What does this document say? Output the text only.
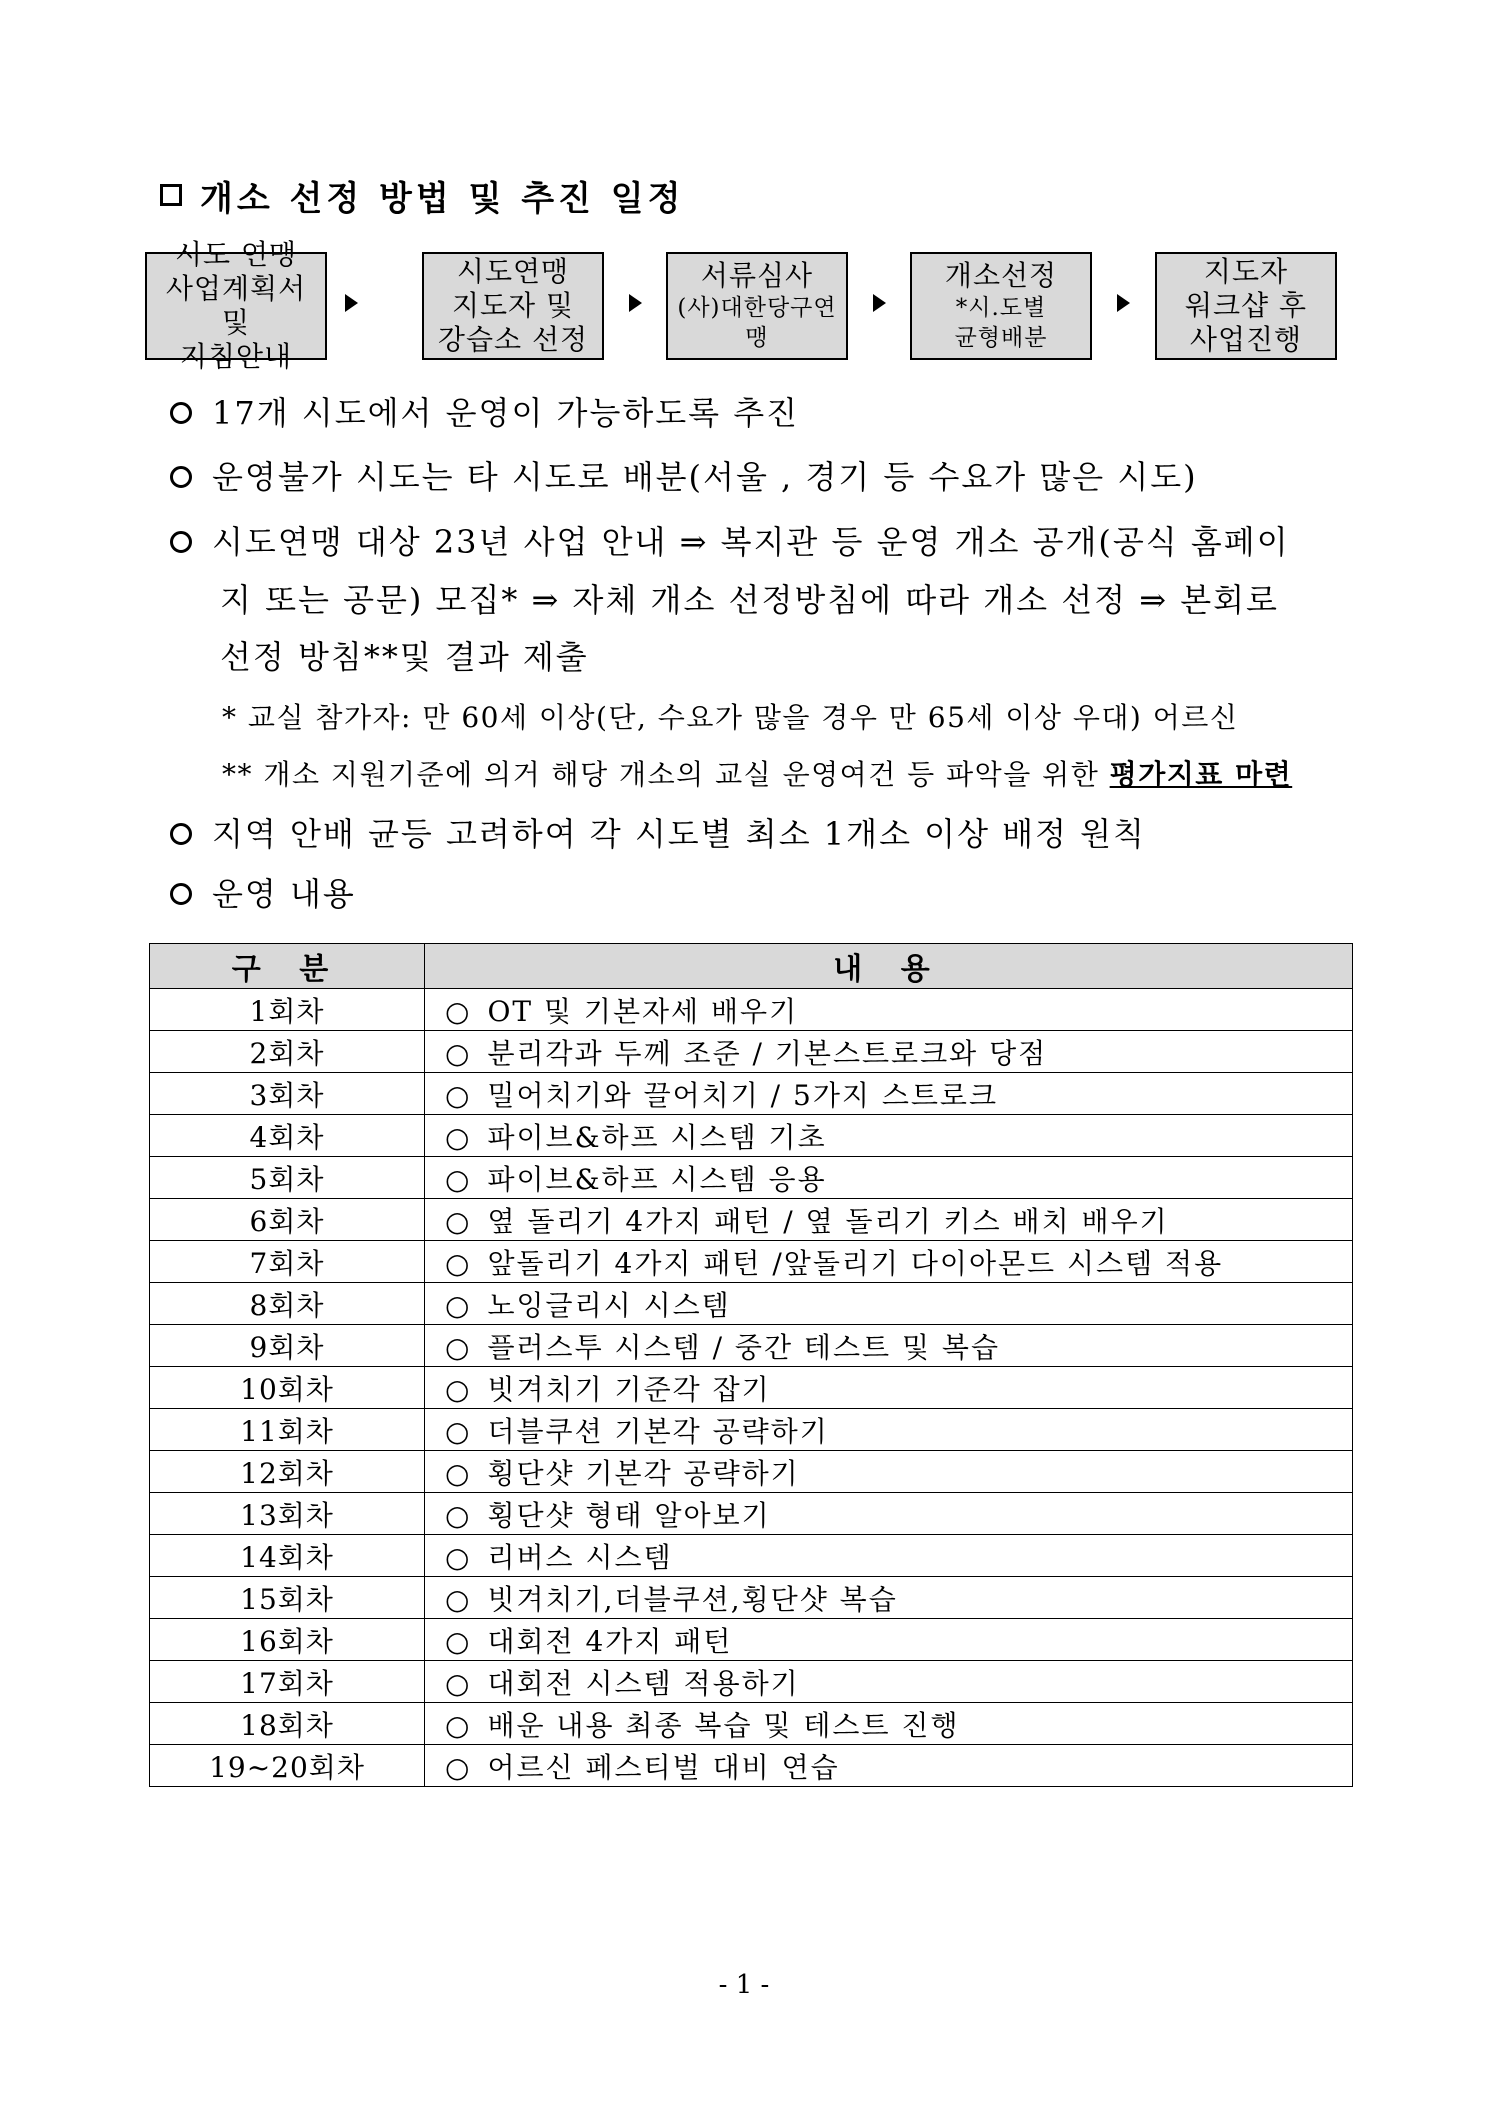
개소 선정 방법 및 추진 일정
시도 연맹
사업계획서 및
지침안내
시도연맹
지도자 및
강습소 선정
서류심사
(사)대한당구연
맹
개소선정
*시.도별
균형배분
지도자
워크샵 후
사업진행
17개 시도에서 운영이 가능하도록 추진
운영불가 시도는 타 시도로 배분(서울 , 경기 등 수요가 많은 시도)
시도연맹 대상 23년 사업 안내 ⇒ 복지관 등 운영 개소 공개(공식 홈페이
지 또는 공문) 모집* ⇒ 자체 개소 선정방침에 따라 개소 선정 ⇒ 본회로
선정 방침**및 결과 제출
* 교실 참가자: 만 60세 이상(단, 수요가 많을 경우 만 65세 이상 우대) 어르신
** 개소 지원기준에 의거 해당 개소의 교실 운영여건 등 파악을 위한 평가지표 마련
지역 안배 균등 고려하여 각 시도별 최소 1개소 이상 배정 원칙
운영 내용
구 분	내 용
1회차	○ OT 및 기본자세 배우기
2회차	○ 분리각과 두께 조준 / 기본스트로크와 당점
3회차	○ 밀어치기와 끌어치기 / 5가지 스트로크
4회차	○ 파이브&하프 시스템 기초
5회차	○ 파이브&하프 시스템 응용
6회차	○ 옆 돌리기 4가지 패턴 / 옆 돌리기 키스 배치 배우기
7회차	○ 앞돌리기 4가지 패턴 /앞돌리기 다이아몬드 시스템 적용
8회차	○ 노잉글리시 시스템
9회차	○ 플러스투 시스템 / 중간 테스트 및 복습
10회차	○ 빗겨치기 기준각 잡기
11회차	○ 더블쿠션 기본각 공략하기
12회차	○ 횡단샷 기본각 공략하기
13회차	○ 횡단샷 형태 알아보기
14회차	○ 리버스 시스템
15회차	○ 빗겨치기,더블쿠션,횡단샷 복습
16회차	○ 대회전 4가지 패턴
17회차	○ 대회전 시스템 적용하기
18회차	○ 배운 내용 최종 복습 및 테스트 진행
19~20회차	○ 어르신 페스티벌 대비 연습
- 1 -
